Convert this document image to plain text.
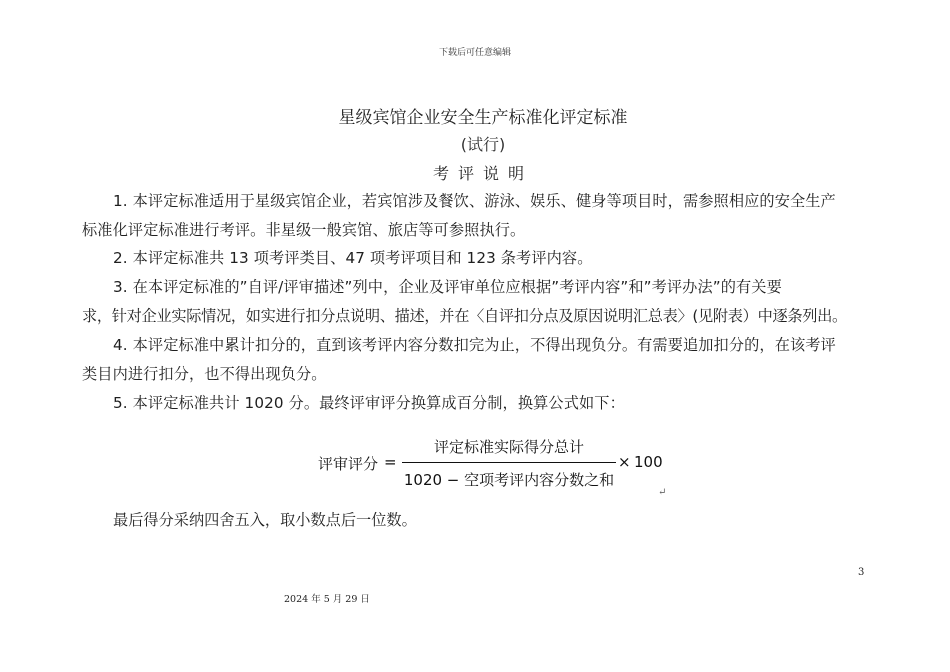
下载后可任意编辑
星级宾馆企业安全生产标准化评定标准
(试行)
考评说明
1. 本评定标准适用于星级宾馆企业，若宾馆涉及餐饮、游泳、娱乐、健身等项目时，需参照相应的安全生产
标准化评定标准进行考评。非星级一般宾馆、旅店等可参照执行。
2. 本评定标准共 13 项考评类目、47 项考评项目和 123 条考评内容。
3. 在本评定标准的”自评/评审描述”列中，企业及评审单位应根据”考评内容”和”考评办法”的有关要
求，针对企业实际情况，如实进行扣分点说明、描述，并在〈自评扣分点及原因说明汇总表〉(见附表）中逐条列出。
4. 本评定标准中累计扣分的，直到该考评内容分数扣完为止，不得出现负分。有需要追加扣分的，在该考评
类目内进行扣分，也不得出现负分。
5. 本评定标准共计 1020 分。最终评审评分换算成百分制，换算公式如下：
评审评分 =
评定标准实际得分总计
1020 − 空项考评内容分数之和
× 100
↵
最后得分采纳四舍五入，取小数点后一位数。
3
2024 年 5 月 29 日
